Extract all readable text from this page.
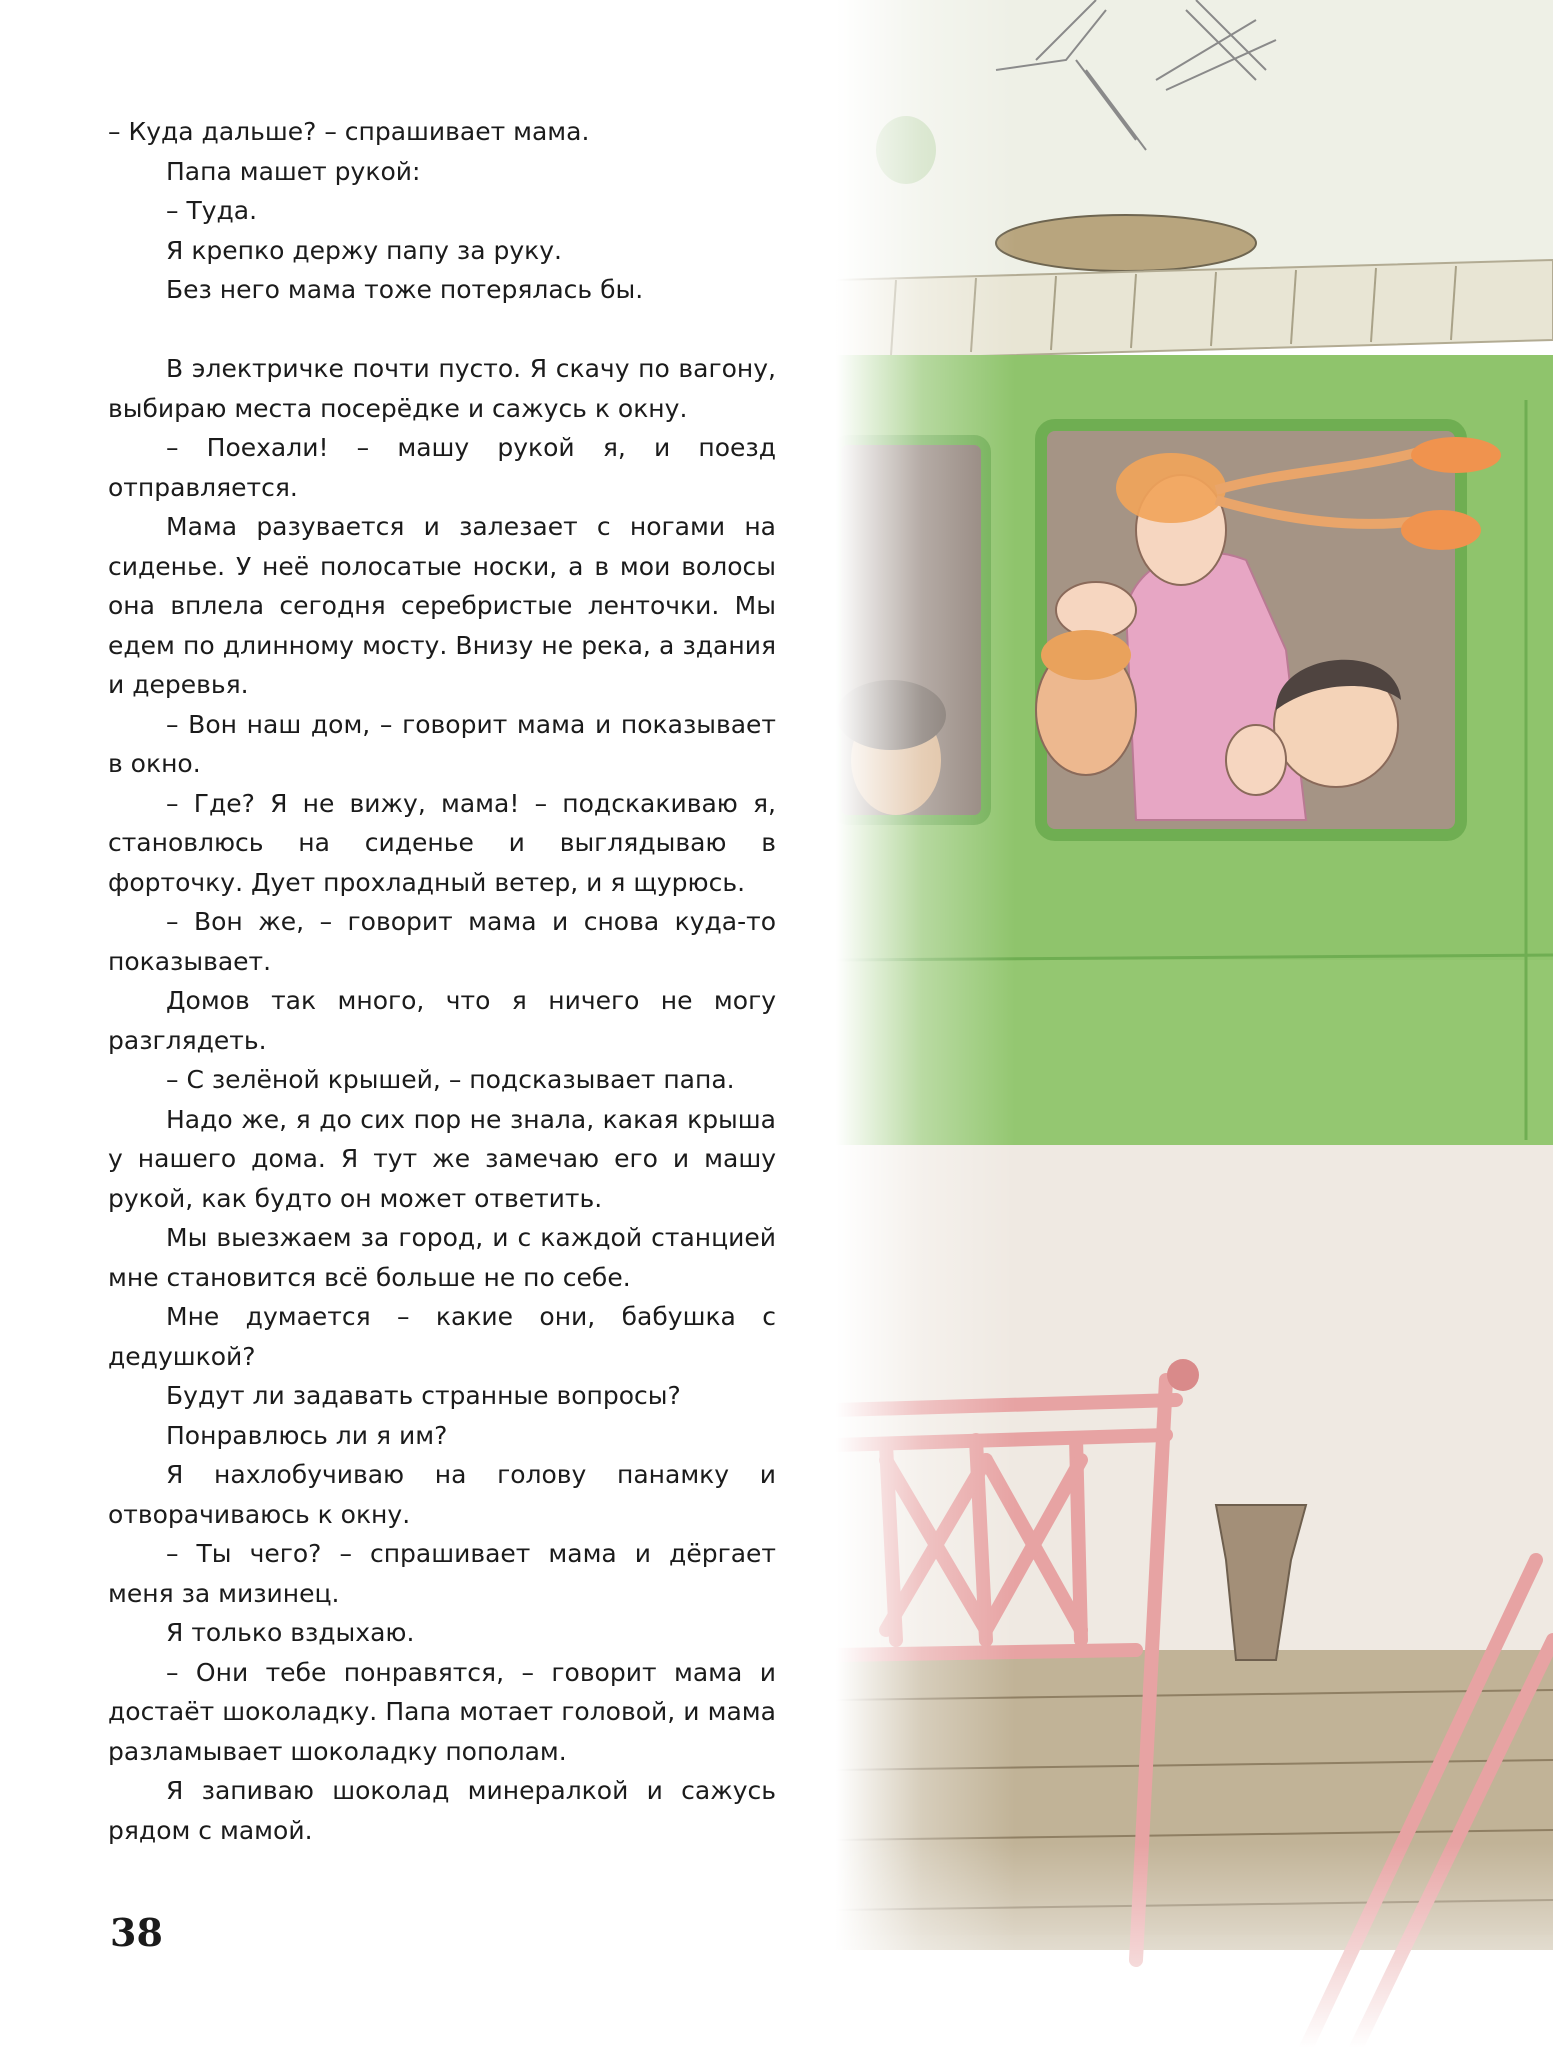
– Куда дальше? – спрашивает мама.

Папа машет рукой:

– Туда.

Я крепко держу папу за руку.

Без него мама тоже потерялась бы.

В электричке почти пусто. Я скачу по вагону, выбираю места посерёдке и сажусь к окну.

– Поехали! – машу рукой я, и поезд отправляется.

Мама разувается и залезает с ногами на сиденье. У неё полосатые носки, а в мои волосы она вплела сегодня серебристые ленточки. Мы едем по длинному мосту. Внизу не река, а здания и деревья.

– Вон наш дом, – говорит мама и показывает в окно.

– Где? Я не вижу, мама! – подскакиваю я, становлюсь на сиденье и выглядываю в форточку. Дует прохладный ветер, и я щурюсь.

– Вон же, – говорит мама и снова куда-то показывает.

Домов так много, что я ничего не могу разглядеть.

– С зелёной крышей, – подсказывает папа.

Надо же, я до сих пор не знала, какая крыша у нашего дома. Я тут же замечаю его и машу рукой, как будто он может ответить.

Мы выезжаем за город, и с каждой станцией мне становится всё больше не по себе.

Мне думается – какие они, бабушка с дедушкой?

Будут ли задавать странные вопросы?

Понравлюсь ли я им?

Я нахлобучиваю на голову панамку и отворачиваюсь к окну.

– Ты чего? – спрашивает мама и дёргает меня за мизинец.

Я только вздыхаю.

– Они тебе понравятся, – говорит мама и достаёт шоколадку. Папа мотает головой, и мама разламывает шоколадку пополам.

Я запиваю шоколад минералкой и сажусь рядом с мамой.

38
